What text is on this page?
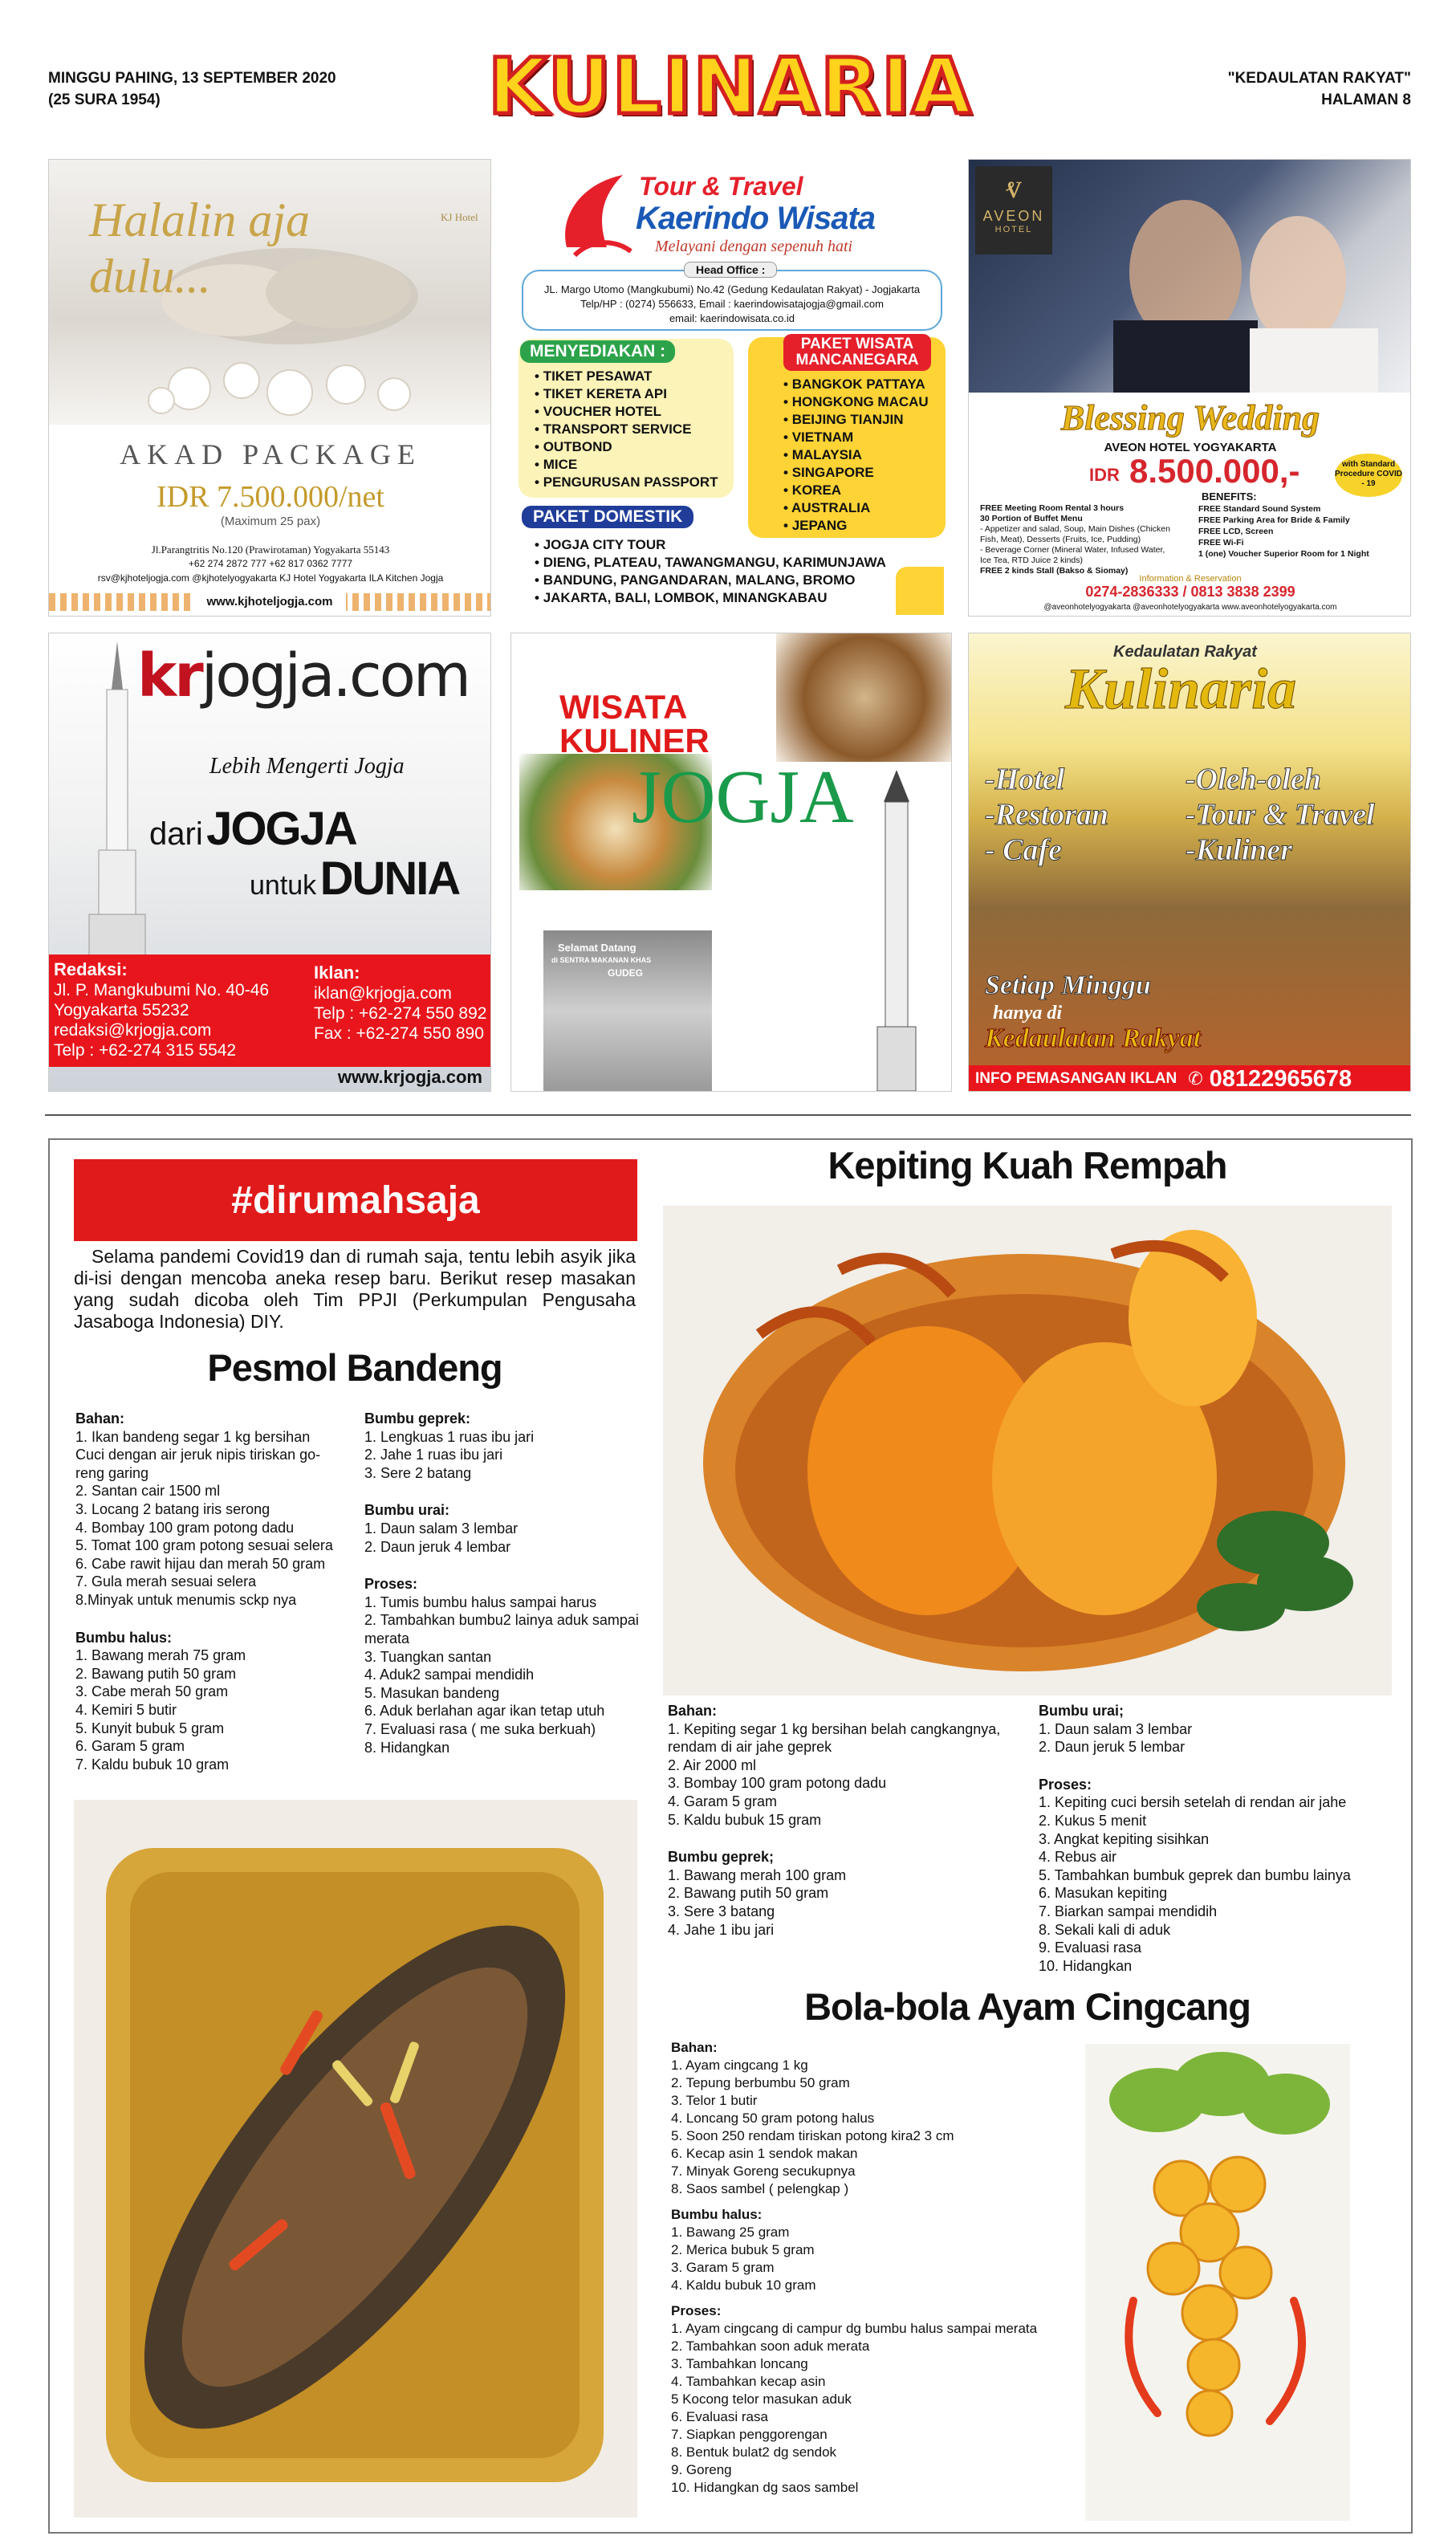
MINGGU PAHING, 13 SEPTEMBER 2020
(25 SURA 1954)	KULINARIA	"KEDAULATAN RAKYAT"
HALAMAN 8
Halalin aja dulu...
KJ Hotel
AKAD PACKAGE
IDR 7.500.000/net
(Maximum 25 pax)
Jl.Parangtritis No.120 (Prawirotaman) Yogyakarta 55143
+62 274 2872 777 +62 817 0362 7777
rsv@kjhoteljogja.com @kjhotelyogyakarta KJ Hotel Yogyakarta ILA Kitchen Jogja
www.kjhoteljogja.com
Tour & Travel
Kaerindo Wisata
Melayani dengan sepenuh hati
Head Office :
JL. Margo Utomo (Mangkubumi) No.42 (Gedung Kedaulatan Rakyat) - Jogjakarta
Telp/HP : (0274) 556633, Email : kaerindowisatajogja@gmail.com
email: kaerindowisata.co.id
MENYEDIAKAN :
• TIKET PESAWAT
• TIKET KERETA API
• VOUCHER HOTEL
• TRANSPORT SERVICE
• OUTBOND
• MICE
• PENGURUSAN PASSPORT
PAKET WISATA MANCANEGARA
• BANGKOK PATTAYA
• HONGKONG MACAU
• BEIJING TIANJIN
• VIETNAM
• MALAYSIA
• SINGAPORE
• KOREA
• AUSTRALIA
• JEPANG
PAKET DOMESTIK
• JOGJA CITY TOUR
• DIENG, PLATEAU, TAWANGMANGU, KARIMUNJAWA
• BANDUNG, PANGANDARAN, MALANG, BROMO
• JAKARTA, BALI, LOMBOK, MINANGKABAU
ⱴ
AVEON
HOTEL
Blessing Wedding
AVEON HOTEL YOGYAKARTA
IDR 8.500.000,-	with Standard Procedure COVID - 19
BENEFITS:
FREE Meeting Room Rental 3 hours
30 Portion of Buffet Menu
- Appetizer and salad, Soup, Main Dishes (Chicken
Fish, Meat), Desserts (Fruits, Ice, Pudding)
- Beverage Corner (Mineral Water, Infused Water,
Ice Tea, RTD Juice 2 kinds)
FREE 2 kinds Stall (Bakso & Siomay)
FREE Standard Sound System
FREE Parking Area for Bride & Family
FREE LCD, Screen
FREE Wi-Fi
1 (one) Voucher Superior Room for 1 Night
Information & Reservation
0274-2836333 / 0813 3838 2399
@aveonhotelyogyakarta @aveonhotelyogyakarta www.aveonhotelyogyakarta.com
krjogja.com
Lebih Mengerti Jogja
dari JOGJA
untuk DUNIA
Redaksi:
Jl. P. Mangkubumi No. 40-46
Yogyakarta 55232
redaksi@krjogja.com
Telp : +62-274 315 5542
Iklan:
iklan@krjogja.com
Telp : +62-274 550 892
Fax : +62-274 550 890
www.krjogja.com
WISATA
KULINER
JOGJA
Selamat Datang
di SENTRA MAKANAN KHAS
GUDEG
Kedaulatan Rakyat
Kulinaria
-Hotel
-Restoran
- Cafe
-Oleh-oleh
-Tour & Travel
-Kuliner
Setiap Minggu
hanya di
Kedaulatan Rakyat
INFO PEMASANGAN IKLAN ✆ 08122965678
#dirumahsaja
Selama pandemi Covid19 dan di rumah saja, tentu lebih asyik jika di-isi dengan mencoba aneka resep baru. Berikut resep masakan yang sudah dicoba oleh Tim PPJI (Perkumpulan Pengusaha Jasaboga Indonesia) DIY.
Pesmol Bandeng
Bahan:
1. Ikan bandeng segar 1 kg bersihan
Cuci dengan air jeruk nipis tiriskan go-
reng garing
2. Santan cair 1500 ml
3. Locang 2 batang iris serong
4. Bombay 100 gram potong dadu
5. Tomat 100 gram potong sesuai selera
6. Cabe rawit hijau dan merah 50 gram
7. Gula merah sesuai selera
8.Minyak untuk menumis sckp nya
Bumbu halus:
1. Bawang merah 75 gram
2. Bawang putih 50 gram
3. Cabe merah 50 gram
4. Kemiri 5 butir
5. Kunyit bubuk 5 gram
6. Garam 5 gram
7. Kaldu bubuk 10 gram
Bumbu geprek:
1. Lengkuas 1 ruas ibu jari
2. Jahe 1 ruas ibu jari
3. Sere 2 batang
Bumbu urai:
1. Daun salam 3 lembar
2. Daun jeruk 4 lembar
Proses:
1. Tumis bumbu halus sampai harus
2. Tambahkan bumbu2 lainya aduk sampai
merata
3. Tuangkan santan
4. Aduk2 sampai mendidih
5. Masukan bandeng
6. Aduk berlahan agar ikan tetap utuh
7. Evaluasi rasa ( me suka berkuah)
8. Hidangkan
Kepiting Kuah Rempah
Bahan:
1. Kepiting segar 1 kg bersihan belah cangkangnya,
rendam di air jahe geprek
2. Air 2000 ml
3. Bombay 100 gram potong dadu
4. Garam 5 gram
5. Kaldu bubuk 15 gram
Bumbu geprek;
1. Bawang merah 100 gram
2. Bawang putih 50 gram
3. Sere 3 batang
4. Jahe 1 ibu jari
Bumbu urai;
1. Daun salam 3 lembar
2. Daun jeruk 5 lembar
Proses:
1. Kepiting cuci bersih setelah di rendan air jahe
2. Kukus 5 menit
3. Angkat kepiting sisihkan
4. Rebus air
5. Tambahkan bumbuk geprek dan bumbu lainya
6. Masukan kepiting
7. Biarkan sampai mendidih
8. Sekali kali di aduk
9. Evaluasi rasa
10. Hidangkan
Bola-bola Ayam Cingcang
Bahan:
1. Ayam cingcang 1 kg
2. Tepung berbumbu 50 gram
3. Telor 1 butir
4. Loncang 50 gram potong halus
5. Soon 250 rendam tiriskan potong kira2 3 cm
6. Kecap asin 1 sendok makan
7. Minyak Goreng secukupnya
8. Saos sambel ( pelengkap )
Bumbu halus:
1. Bawang 25 gram
2. Merica bubuk 5 gram
3. Garam 5 gram
4. Kaldu bubuk 10 gram
Proses:
1. Ayam cingcang di campur dg bumbu halus sampai merata
2. Tambahkan soon aduk merata
3. Tambahkan loncang
4. Tambahkan kecap asin
5 Kocong telor masukan aduk
6. Evaluasi rasa
7. Siapkan penggorengan
8. Bentuk bulat2 dg sendok
9. Goreng
10. Hidangkan dg saos sambel
